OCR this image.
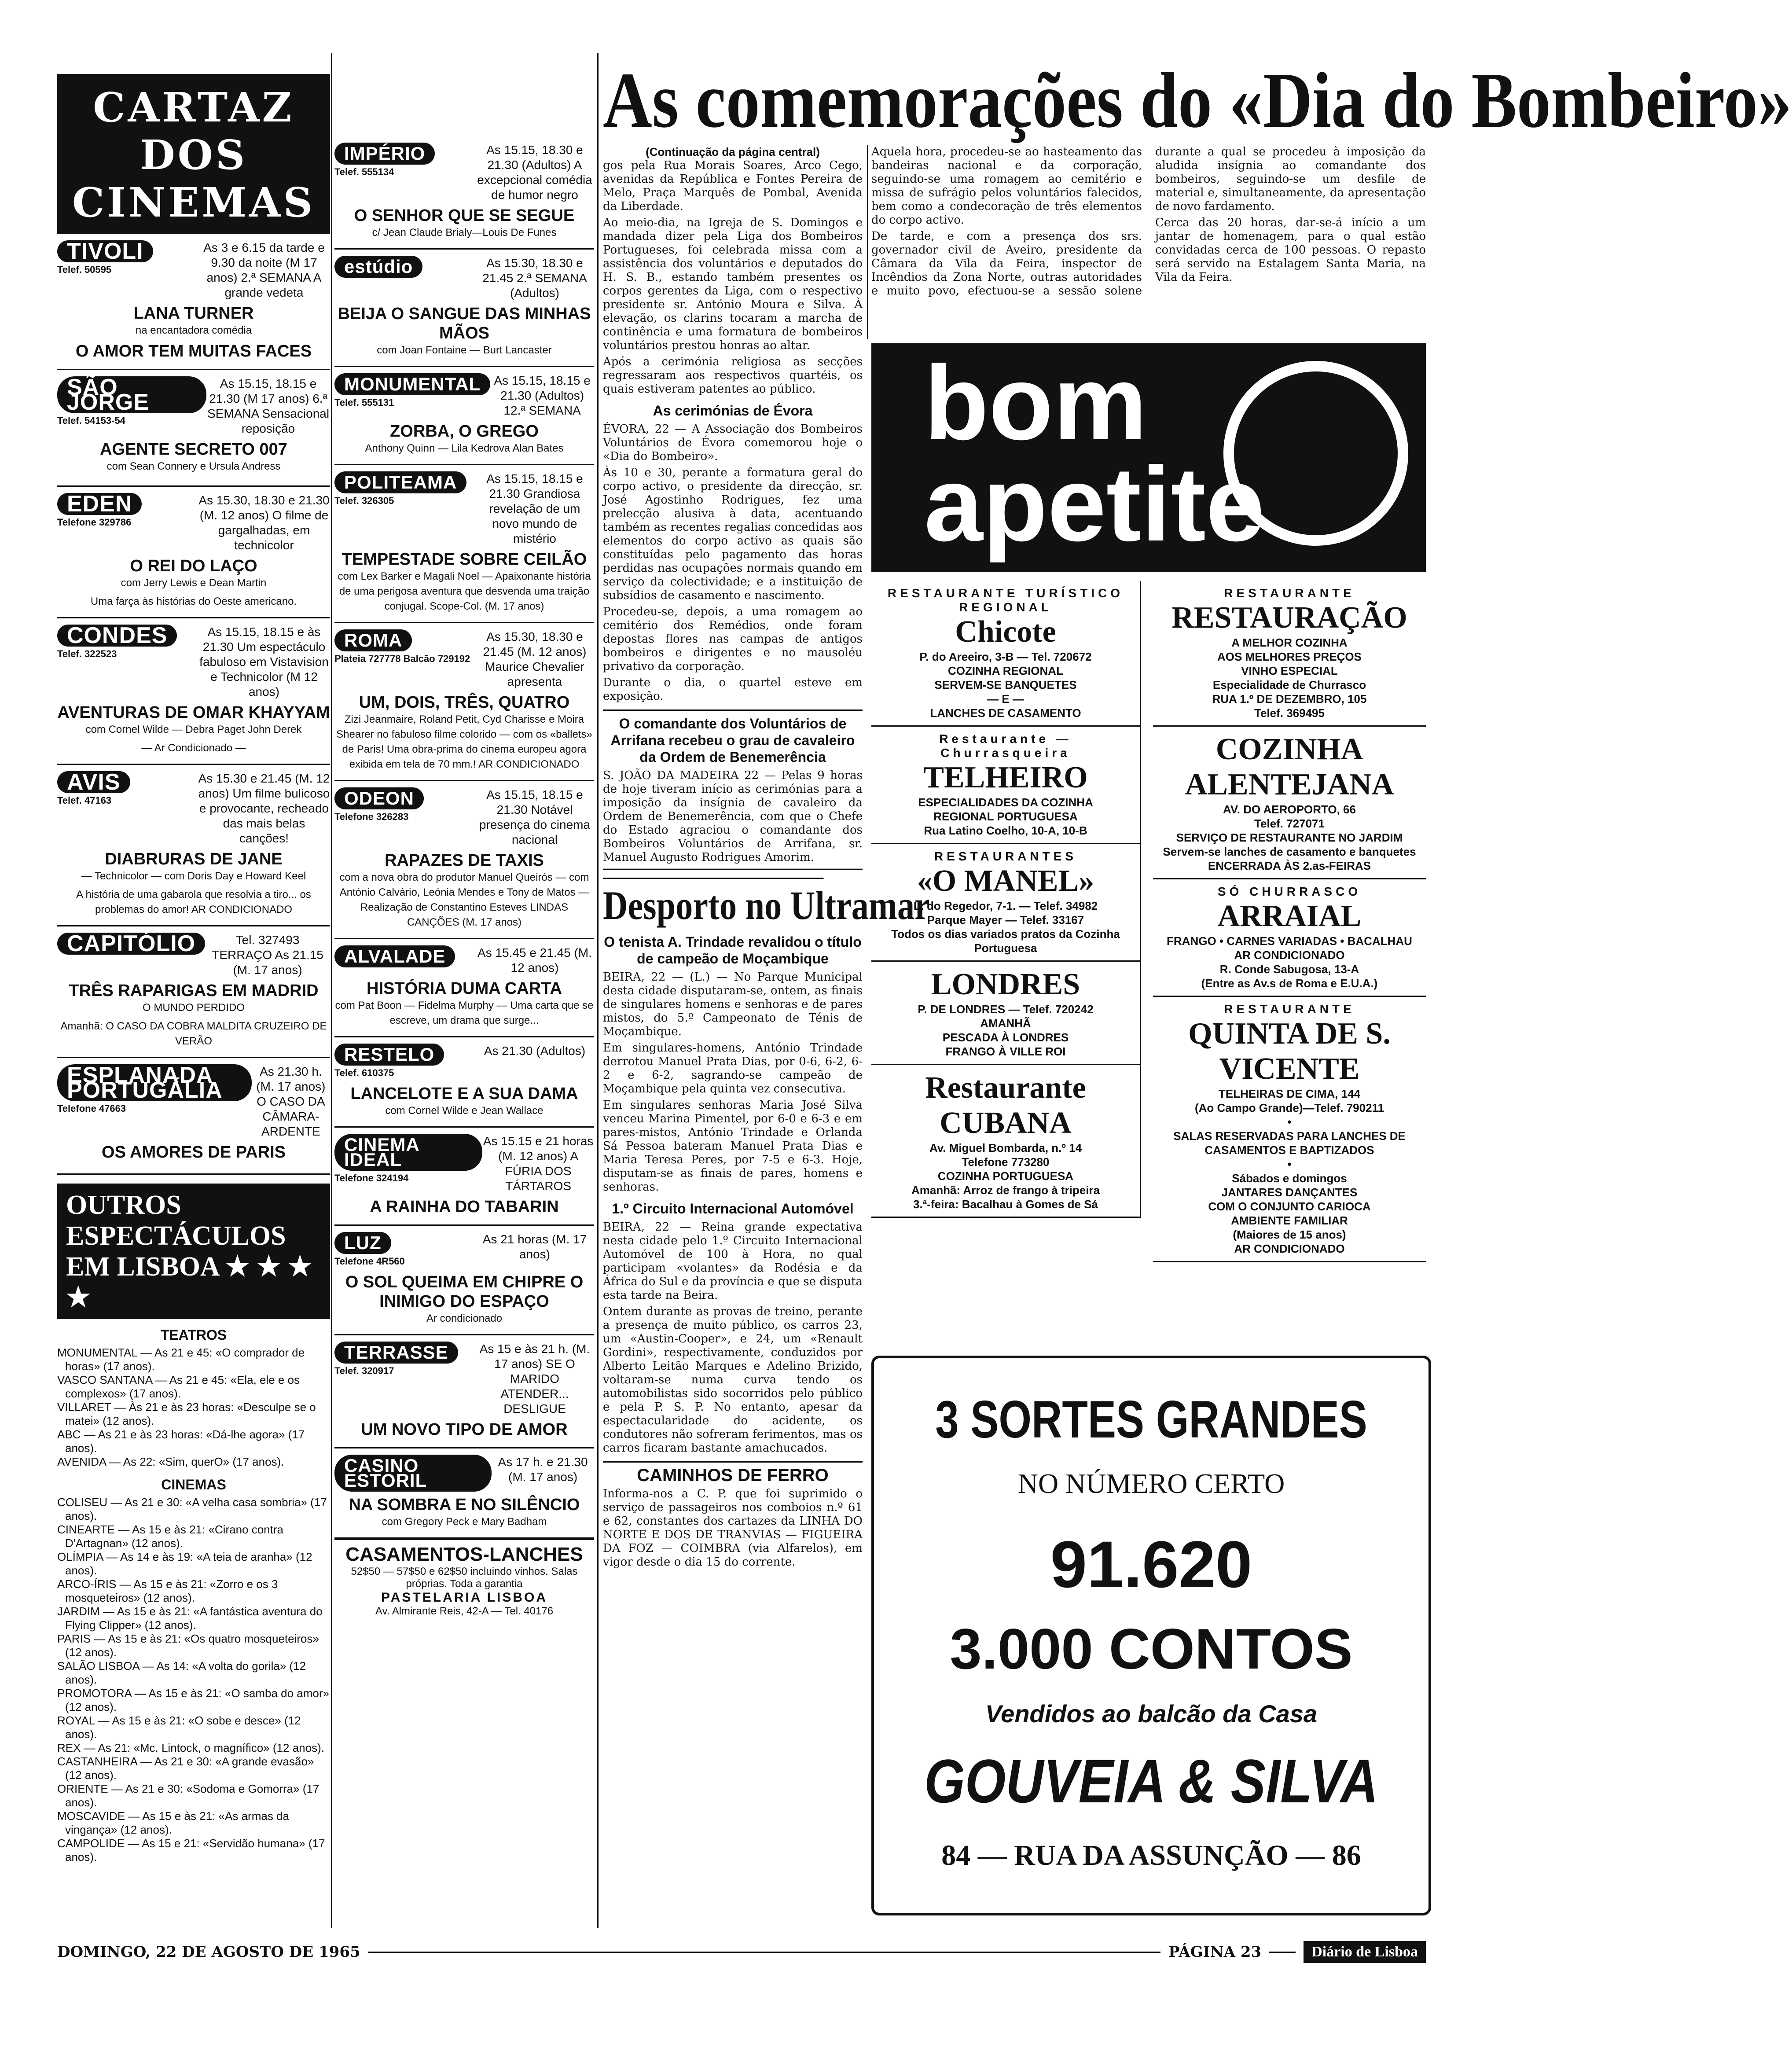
As comemorações do «Dia do Bombeiro»
CARTAZ DOS CINEMAS
TIVOLI
Telef. 50595
As 3 e 6.15 da tarde e 9.30 da noite (M 17 anos) 2.ª SEMANA A grande vedeta
LANA TURNER
na encantadora comédia
O AMOR TEM MUITAS FACES
SÃO JORGE
Telef. 54153-54
As 15.15, 18.15 e 21.30 (M 17 anos) 6.ª SEMANA Sensacional reposição
AGENTE SECRETO 007
com Sean Connery e Ursula Andress
EDEN
Telefone 329786
As 15.30, 18.30 e 21.30 (M. 12 anos) O filme de gargalhadas, em technicolor
O REI DO LAÇO
com Jerry Lewis e Dean Martin
Uma farça às histórias do Oeste americano.
CONDES
Telef. 322523
As 15.15, 18.15 e às 21.30 Um espectáculo fabuloso em Vistavision e Technicolor (M 12 anos)
AVENTURAS DE OMAR KHAYYAM
com Cornel Wilde — Debra Paget John Derek
— Ar Condicionado —
AVIS
Telef. 47163
As 15.30 e 21.45 (M. 12 anos) Um filme bulicoso e provocante, recheado das mais belas canções!
DIABRURAS DE JANE
— Technicolor — com Doris Day e Howard Keel
A história de uma gabarola que resolvia a tiro... os problemas do amor! AR CONDICIONADO
CAPITÓLIO	Tel. 327493 TERRAÇO As 21.15 (M. 17 anos)
TRÊS RAPARIGAS EM MADRID
O MUNDO PERDIDO
Amanhã: O CASO DA COBRA MALDITA CRUZEIRO DE VERÃO
ESPLANADA PORTUGÁLIA
Telefone 47663
As 21.30 h. (M. 17 anos) O CASO DA CÂMARA-ARDENTE
OS AMORES DE PARIS
OUTROS ESPECTÁCULOS EM LISBOA ★ ★ ★ ★
TEATROS

MONUMENTAL — As 21 e 45: «O comprador de horas» (17 anos).

VASCO SANTANA — As 21 e 45: «Ela, ele e os complexos» (17 anos).

VILLARET — Às 21 e às 23 horas: «Desculpe se o matei» (12 anos).

ABC — As 21 e às 23 horas: «Dá-lhe agora» (17 anos).

AVENIDA — As 22: «Sim, querO» (17 anos).

CINEMAS

COLISEU — As 21 e 30: «A velha casa sombria» (17 anos).

CINEARTE — As 15 e às 21: «Cirano contra D'Artagnan» (12 anos).

OLÍMPIA — As 14 e às 19: «A teia de aranha» (12 anos).

ARCO-ÍRIS — As 15 e às 21: «Zorro e os 3 mosqueteiros» (12 anos).

JARDIM — As 15 e às 21: «A fantástica aventura do Flying Clipper» (12 anos).

PARIS — As 15 e às 21: «Os quatro mosqueteiros» (12 anos).

SALÃO LISBOA — As 14: «A volta do gorila» (12 anos).

PROMOTORA — As 15 e às 21: «O samba do amor» (12 anos).

ROYAL — As 15 e às 21: «O sobe e desce» (12 anos).

REX — As 21: «Mc. Lintock, o magnífico» (12 anos).

CASTANHEIRA — As 21 e 30: «A grande evasão» (12 anos).

ORIENTE — As 21 e 30: «Sodoma e Gomorra» (17 anos).

MOSCAVIDE — As 15 e às 21: «As armas da vingança» (12 anos).

CAMPOLIDE — As 15 e 21: «Servidão humana» (17 anos).

IMPÉRIO
Telef. 555134
As 15.15, 18.30 e 21.30 (Adultos) A excepcional comédia de humor negro
O SENHOR QUE SE SEGUE
c/ Jean Claude Brialy—Louis De Funes
estúdio	As 15.30, 18.30 e 21.45 2.ª SEMANA (Adultos)
BEIJA O SANGUE DAS MINHAS MÃOS
com Joan Fontaine — Burt Lancaster
MONUMENTAL
Telef. 555131
As 15.15, 18.15 e 21.30 (Adultos) 12.ª SEMANA
ZORBA, O GREGO
Anthony Quinn — Lila Kedrova Alan Bates
POLITEAMA
Telef. 326305
As 15.15, 18.15 e 21.30 Grandiosa revelação de um novo mundo de mistério
TEMPESTADE SOBRE CEILÃO
com Lex Barker e Magali Noel — Apaixonante história de uma perigosa aventura que desvenda uma traição conjugal. Scope-Col. (M. 17 anos)
ROMA
Plateia 727778 Balcão 729192
As 15.30, 18.30 e 21.45 (M. 12 anos) Maurice Chevalier apresenta
UM, DOIS, TRÊS, QUATRO
Zizi Jeanmaire, Roland Petit, Cyd Charisse e Moira Shearer no fabuloso filme colorido — com os «ballets» de Paris! Uma obra-prima do cinema europeu agora exibida em tela de 70 mm.! AR CONDICIONADO
ODEON
Telefone 326283
As 15.15, 18.15 e 21.30 Notável presença do cinema nacional
RAPAZES DE TAXIS
com a nova obra do produtor Manuel Queirós — com António Calvário, Leónia Mendes e Tony de Matos — Realização de Constantino Esteves LINDAS CANÇÕES (M. 17 anos)
ALVALADE	As 15.45 e 21.45 (M. 12 anos)
HISTÓRIA DUMA CARTA
com Pat Boon — Fidelma Murphy — Uma carta que se escreve, um drama que surge...
RESTELO
Telef. 610375
As 21.30 (Adultos)
LANCELOTE E A SUA DAMA
com Cornel Wilde e Jean Wallace
CINEMA IDEAL
Telefone 324194
As 15.15 e 21 horas (M. 12 anos) A FÚRIA DOS TÁRTAROS
A RAINHA DO TABARIN
LUZ
Telefone 4R560
As 21 horas (M. 17 anos)
O SOL QUEIMA EM CHIPRE O INIMIGO DO ESPAÇO
Ar condicionado
TERRASSE
Telef. 320917
As 15 e às 21 h. (M. 17 anos) SE O MARIDO ATENDER... DESLIGUE
UM NOVO TIPO DE AMOR
CASINO ESTORIL
As 17 h. e 21.30 (M. 17 anos)
NA SOMBRA E NO SILÊNCIO
com Gregory Peck e Mary Badham
CASAMENTOS-LANCHES
52$50 — 57$50 e 62$50 incluindo vinhos. Salas próprias. Toda a garantia
PASTELARIA LISBOA
Av. Almirante Reis, 42-A — Tel. 40176
(Continuação da página central)

gos pela Rua Morais Soares, Arco Cego, avenidas da República e Fontes Pereira de Melo, Praça Marquês de Pombal, Avenida da Liberdade.

Ao meio-dia, na Igreja de S. Domingos e mandada dizer pela Liga dos Bombeiros Portugueses, foi celebrada missa com a assistência dos voluntários e deputados do H. S. B., estando também presentes os corpos gerentes da Liga, com o respectivo presidente sr. António Moura e Silva. À elevação, os clarins tocaram a marcha de continência e uma formatura de bombeiros voluntários prestou honras ao altar.

Após a cerimónia religiosa as secções regressaram aos respectivos quartéis, os quais estiveram patentes ao público.

As cerimónias de Évora

ÉVORA, 22 — A Associação dos Bombeiros Voluntários de Évora comemorou hoje o «Dia do Bombeiro».

Às 10 e 30, perante a formatura geral do corpo activo, o presidente da direcção, sr. José Agostinho Rodrigues, fez uma prelecção alusiva à data, acentuando também as recentes regalias concedidas aos elementos do corpo activo as quais são constituídas pelo pagamento das horas perdidas nas ocupações normais quando em serviço da colectividade; e a instituição de subsídios de casamento e nascimento.

Procedeu-se, depois, a uma romagem ao cemitério dos Remédios, onde foram depostas flores nas campas de antigos bombeiros e dirigentes e no mausoléu privativo da corporação.

Durante o dia, o quartel esteve em exposição.

O comandante dos Voluntários de Arrifana recebeu o grau de cavaleiro da Ordem de Benemerência

S. JOÃO DA MADEIRA 22 — Pelas 9 horas de hoje tiveram início as cerimónias para a imposição da insígnia de cavaleiro da Ordem de Benemerência, com que o Chefe do Estado agraciou o comandante dos Bombeiros Voluntários de Arrifana, sr. Manuel Augusto Rodrigues Amorim.

Desporto no Ultramar
O tenista A. Trindade revalidou o título de campeão de Moçambique

BEIRA, 22 — (L.) — No Parque Municipal desta cidade disputaram-se, ontem, as finais de singulares homens e senhoras e de pares mistos, do 5.º Campeonato de Ténis de Moçambique.

Em singulares-homens, António Trindade derrotou Manuel Prata Dias, por 0-6, 6-2, 6-2 e 6-2, sagrando-se campeão de Moçambique pela quinta vez consecutiva.

Em singulares senhoras Maria José Silva venceu Marina Pimentel, por 6-0 e 6-3 e em pares-mistos, António Trindade e Orlanda Sá Pessoa bateram Manuel Prata Dias e Maria Teresa Peres, por 7-5 e 6-3. Hoje, disputam-se as finais de pares, homens e senhoras.

1.º Circuito Internacional Automóvel

BEIRA, 22 — Reina grande expectativa nesta cidade pelo 1.º Circuito Internacional Automóvel de 100 à Hora, no qual participam «volantes» da Rodésia e da África do Sul e da província e que se disputa esta tarde na Beira.

Ontem durante as provas de treino, perante a presença de muito público, os carros 23, um «Austin-Cooper», e 24, um «Renault Gordini», respectivamente, conduzidos por Alberto Leitão Marques e Adelino Brizido, voltaram-se numa curva tendo os automobilistas sido socorridos pelo público e pela P. S. P. No entanto, apesar da espectacularidade do acidente, os condutores não sofreram ferimentos, mas os carros ficaram bastante amachucados.

CAMINHOS DE FERRO

Informa-nos a C. P. que foi suprimido o serviço de passageiros nos comboios n.º 61 e 62, constantes dos cartazes da LINHA DO NORTE E DOS DE TRANVIAS — FIGUEIRA DA FOZ — COIMBRA (via Alfarelos), em vigor desde o dia 15 do corrente.

Aquela hora, procedeu-se ao hasteamento das bandeiras nacional e da corporação, seguindo-se uma romagem ao cemitério e missa de sufrágio pelos voluntários falecidos, bem como a condecoração de três elementos do corpo activo.

De tarde, e com a presença dos srs. governador civil de Aveiro, presidente da Câmara da Vila da Feira, inspector de Incêndios da Zona Norte, outras autoridades e muito povo, efectuou-se a sessão solene durante a qual se procedeu à imposição da aludida insígnia ao comandante dos bombeiros, seguindo-se um desfile de material e, simultaneamente, da apresentação de novo fardamento.

Cerca das 20 horas, dar-se-á início a um jantar de homenagem, para o qual estão convidadas cerca de 100 pessoas. O repasto será servido na Estalagem Santa Maria, na Vila da Feira.

bom
apetite
RESTAURANTE TURÍSTICO REGIONAL
Chicote
P. do Areeiro, 3-B — Tel. 720672
COZINHA REGIONAL
SERVEM-SE BANQUETES
— E —
LANCHES DE CASAMENTO
Restaurante — Churrasqueira
TELHEIRO
ESPECIALIDADES DA COZINHA
REGIONAL PORTUGUESA
Rua Latino Coelho, 10-A, 10-B
RESTAURANTES
«O MANEL»
L. do Regedor, 7-1. — Telef. 34982
Parque Mayer — Telef. 33167
Todos os dias variados pratos da Cozinha Portuguesa
LONDRES
P. DE LONDRES — Telef. 720242
AMANHÃ
PESCADA À LONDRES
FRANGO À VILLE ROI
Restaurante CUBANA
Av. Miguel Bombarda, n.º 14
Telefone 773280
COZINHA PORTUGUESA
Amanhã: Arroz de frango à tripeira
3.ª-feira: Bacalhau à Gomes de Sá
RESTAURANTE
RESTAURAÇÃO
A MELHOR COZINHA
AOS MELHORES PREÇOS
VINHO ESPECIAL
Especialidade de Churrasco
RUA 1.º DE DEZEMBRO, 105
Telef. 369495
COZINHA ALENTEJANA
AV. DO AEROPORTO, 66
Telef. 727071
SERVIÇO DE RESTAURANTE NO JARDIM
Servem-se lanches de casamento e banquetes
ENCERRADA ÀS 2.as-FEIRAS
SÓ CHURRASCO
ARRAIAL
FRANGO • CARNES VARIADAS • BACALHAU
AR CONDICIONADO
R. Conde Sabugosa, 13-A
(Entre as Av.s de Roma e E.U.A.)
RESTAURANTE
QUINTA DE S. VICENTE
TELHEIRAS DE CIMA, 144
(Ao Campo Grande)—Telef. 790211
•
SALAS RESERVADAS PARA LANCHES DE CASAMENTOS E BAPTIZADOS
•
Sábados e domingos
JANTARES DANÇANTES
COM O CONJUNTO CARIOCA
AMBIENTE FAMILIAR
(Maiores de 15 anos)
AR CONDICIONADO
3 SORTES GRANDES
NO NÚMERO CERTO
91.620
3.000 CONTOS
Vendidos ao balcão da Casa
GOUVEIA & SILVA
84 — RUA DA ASSUNÇÃO — 86
DOMINGO, 22 DE AGOSTO DE 1965	PÁGINA 23	Diário de Lisboa
